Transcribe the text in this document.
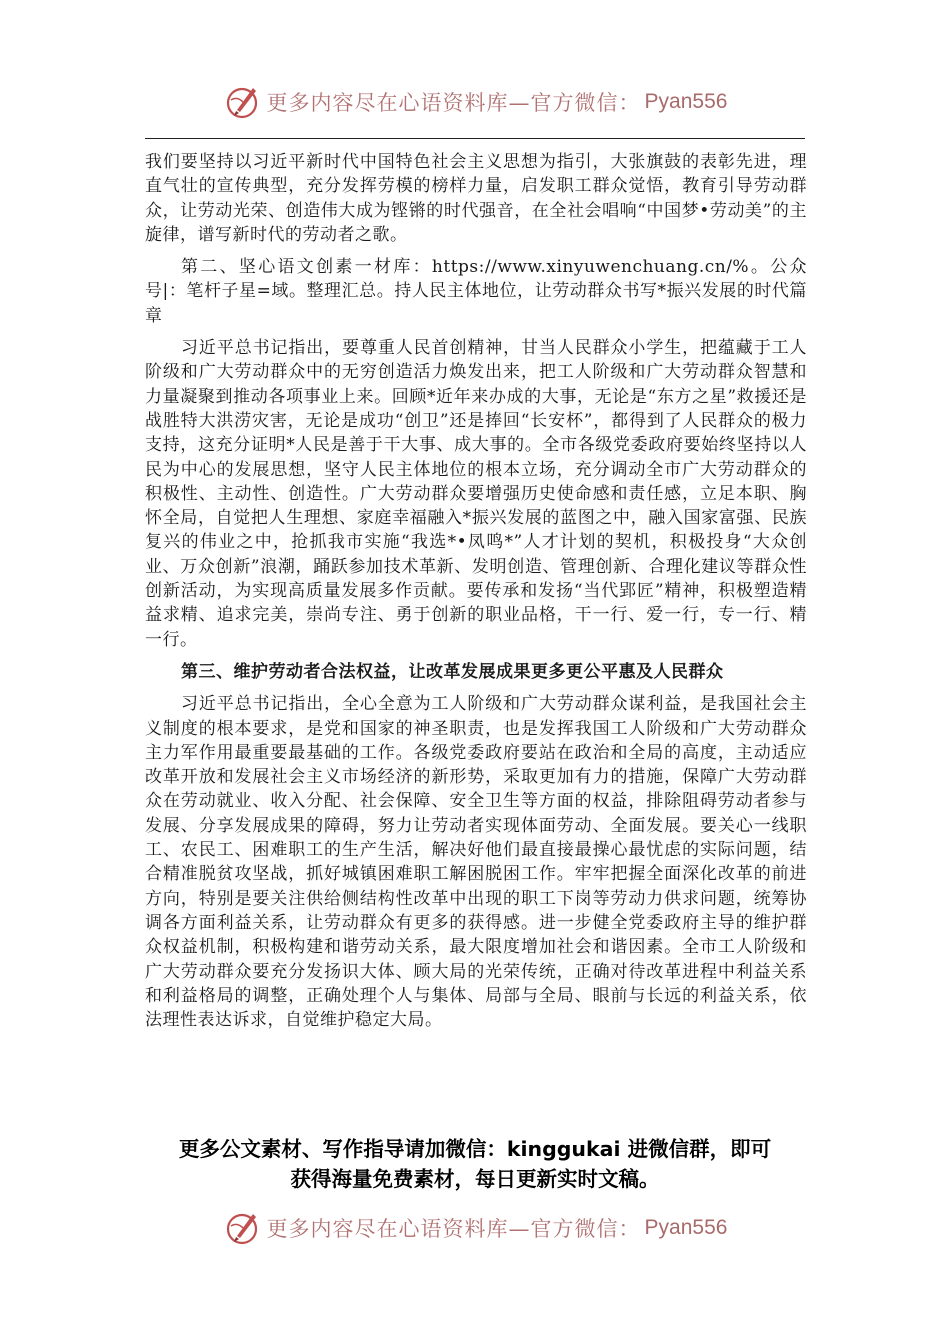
更多内容尽在心语资料库—官方微信： Pyan556

我们要坚持以习近平新时代中国特色社会主义思想为指引，大张旗鼓的表彰先进，理直气壮的宣传典型，充分发挥劳模的榜样力量，启发职工群众觉悟，教育引导劳动群众，让劳动光荣、创造伟大成为铿锵的时代强音，在全社会唱响“中国梦•劳动美”的主旋律，谱写新时代的劳动者之歌。

第二、坚心语文创素一材库：https://www.xinyuwenchuang.cn/%。公众号|：笔杆子星=域。整理汇总。持人民主体地位，让劳动群众书写*振兴发展的时代篇章

习近平总书记指出，要尊重人民首创精神，甘当人民群众小学生，把蕴藏于工人阶级和广大劳动群众中的无穷创造活力焕发出来，把工人阶级和广大劳动群众智慧和力量凝聚到推动各项事业上来。回顾*近年来办成的大事，无论是“东方之星”救援还是战胜特大洪涝灾害，无论是成功“创卫”还是捧回“长安杯”，都得到了人民群众的极力支持，这充分证明*人民是善于干大事、成大事的。全市各级党委政府要始终坚持以人民为中心的发展思想，坚守人民主体地位的根本立场，充分调动全市广大劳动群众的积极性、主动性、创造性。广大劳动群众要增强历史使命感和责任感，立足本职、胸怀全局，自觉把人生理想、家庭幸福融入*振兴发展的蓝图之中，融入国家富强、民族复兴的伟业之中，抢抓我市实施“我选*•凤鸣*”人才计划的契机，积极投身“大众创业、万众创新”浪潮，踊跃参加技术革新、发明创造、管理创新、合理化建议等群众性创新活动，为实现高质量发展多作贡献。要传承和发扬“当代郢匠”精神，积极塑造精益求精、追求完美，崇尚专注、勇于创新的职业品格，干一行、爱一行，专一行、精一行。

第三、维护劳动者合法权益，让改革发展成果更多更公平惠及人民群众

习近平总书记指出，全心全意为工人阶级和广大劳动群众谋利益，是我国社会主义制度的根本要求，是党和国家的神圣职责，也是发挥我国工人阶级和广大劳动群众主力军作用最重要最基础的工作。各级党委政府要站在政治和全局的高度，主动适应改革开放和发展社会主义市场经济的新形势，采取更加有力的措施，保障广大劳动群众在劳动就业、收入分配、社会保障、安全卫生等方面的权益，排除阻碍劳动者参与发展、分享发展成果的障碍，努力让劳动者实现体面劳动、全面发展。要关心一线职工、农民工、困难职工的生产生活，解决好他们最直接最操心最忧虑的实际问题，结合精准脱贫攻坚战，抓好城镇困难职工解困脱困工作。牢牢把握全面深化改革的前进方向，特别是要关注供给侧结构性改革中出现的职工下岗等劳动力供求问题，统筹协调各方面利益关系，让劳动群众有更多的获得感。进一步健全党委政府主导的维护群众权益机制，积极构建和谐劳动关系，最大限度增加社会和谐因素。全市工人阶级和广大劳动群众要充分发扬识大体、顾大局的光荣传统，正确对待改革进程中利益关系和利益格局的调整，正确处理个人与集体、局部与全局、眼前与长远的利益关系，依法理性表达诉求，自觉维护稳定大局。

更多公文素材、写作指导请加微信：kinggukai 进微信群，即可
获得海量免费素材，每日更新实时文稿。
更多内容尽在心语资料库—官方微信： Pyan556
